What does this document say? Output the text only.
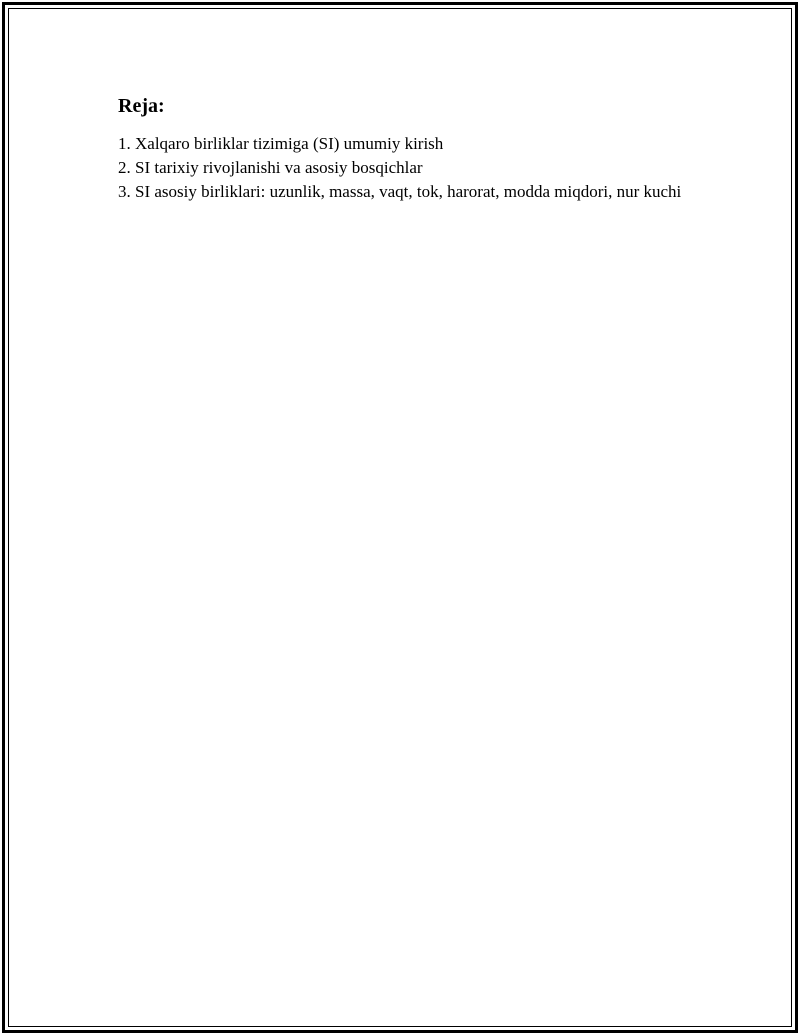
Reja:
1. Xalqaro birliklar tizimiga (SI) umumiy kirish
2. SI tarixiy rivojlanishi va asosiy bosqichlar
3. SI asosiy birliklari: uzunlik, massa, vaqt, tok, harorat, modda miqdori, nur kuchi
